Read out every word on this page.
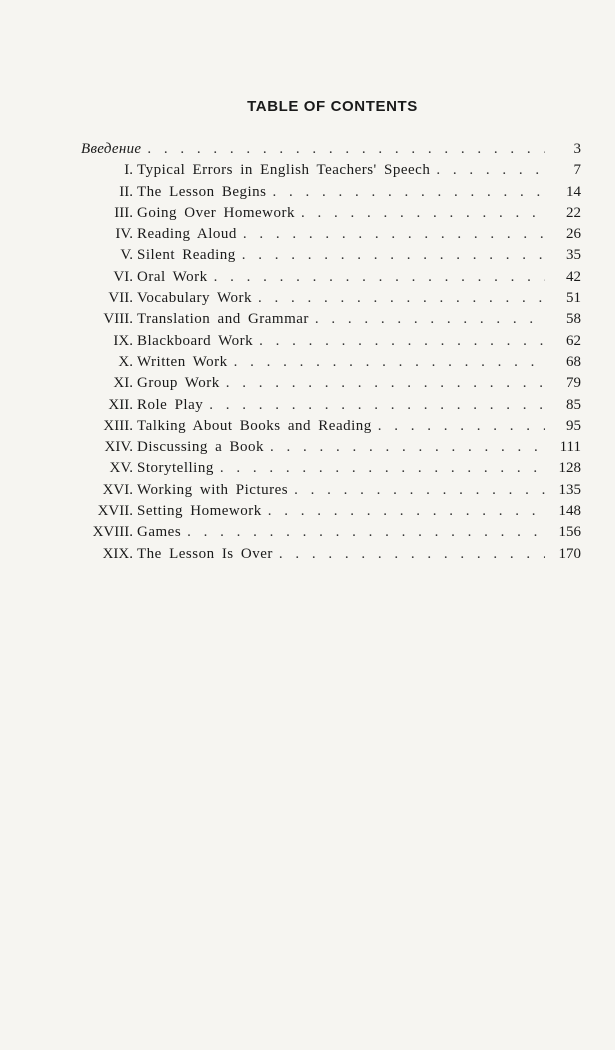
TABLE OF CONTENTS
Введение . . .	3
I. Typical Errors in English Teachers' Speech . . .	7
II. The Lesson Begins . . .	14
III. Going Over Homework . . .	22
IV. Reading Aloud . . .	26
V. Silent Reading . . .	35
VI. Oral Work . . .	42
VII. Vocabulary Work . . .	51
VIII. Translation and Grammar . . .	58
IX. Blackboard Work . . .	62
X. Written Work . . .	68
XI. Group Work . . .	79
XII. Role Play . . .	85
XIII. Talking About Books and Reading . . .	95
XIV. Discussing a Book . . .	111
XV. Storytelling . . .	128
XVI. Working with Pictures . . .	135
XVII. Setting Homework . . .	148
XVIII. Games . . .	156
XIX. The Lesson Is Over . . .	170
